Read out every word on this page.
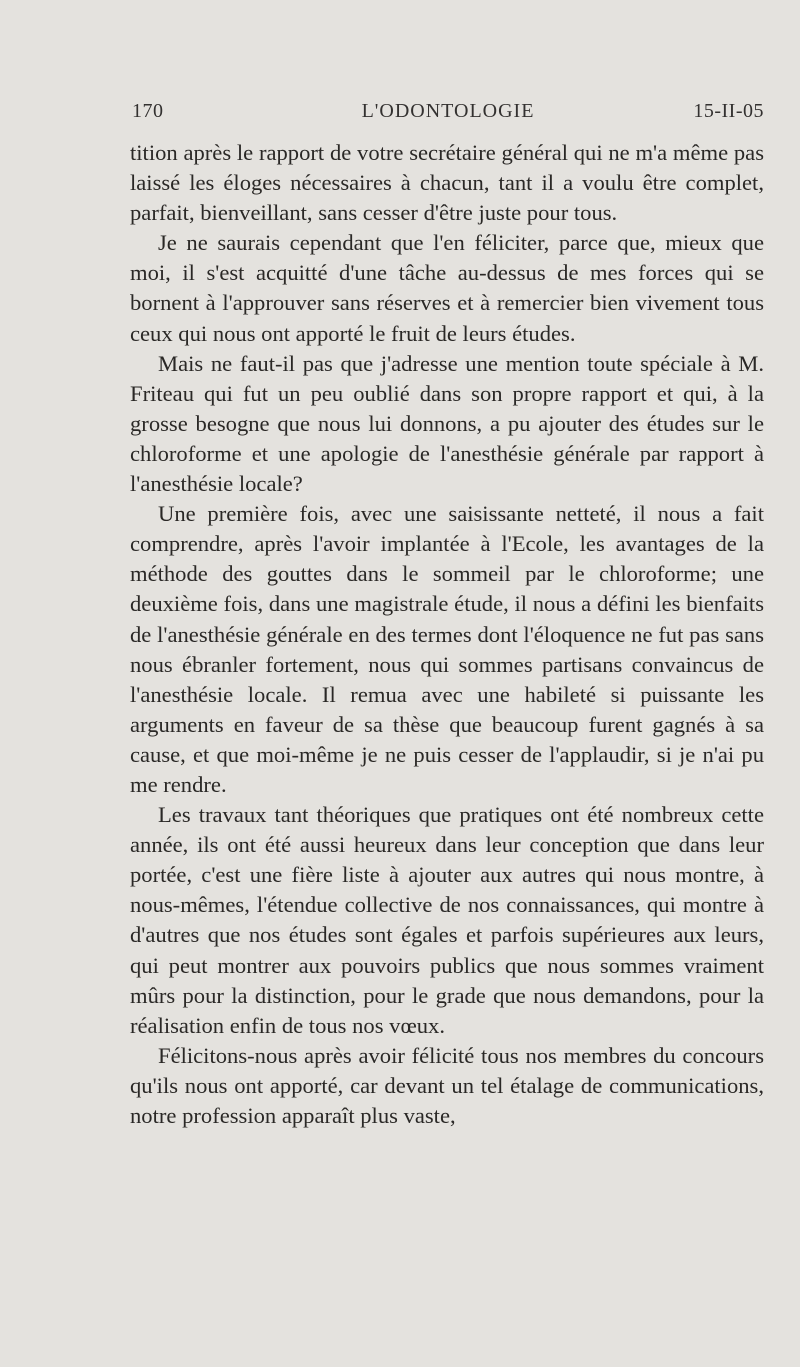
170	L'ODONTOLOGIE	15-II-05

tition après le rapport de votre secrétaire général qui ne m'a même pas laissé les éloges nécessaires à chacun, tant il a voulu être complet, parfait, bienveillant, sans cesser d'être juste pour tous.

Je ne saurais cependant que l'en féliciter, parce que, mieux que moi, il s'est acquitté d'une tâche au-dessus de mes forces qui se bornent à l'approuver sans réserves et à remercier bien vivement tous ceux qui nous ont apporté le fruit de leurs études.

Mais ne faut-il pas que j'adresse une mention toute spéciale à M. Friteau qui fut un peu oublié dans son propre rapport et qui, à la grosse besogne que nous lui donnons, a pu ajouter des études sur le chloroforme et une apologie de l'anesthésie générale par rapport à l'anesthésie locale?

Une première fois, avec une saisissante netteté, il nous a fait comprendre, après l'avoir implantée à l'Ecole, les avantages de la méthode des gouttes dans le sommeil par le chloroforme; une deuxième fois, dans une magistrale étude, il nous a défini les bienfaits de l'anesthésie générale en des termes dont l'éloquence ne fut pas sans nous ébranler fortement, nous qui sommes partisans convaincus de l'anesthésie locale. Il remua avec une habileté si puissante les arguments en faveur de sa thèse que beaucoup furent gagnés à sa cause, et que moi-même je ne puis cesser de l'applaudir, si je n'ai pu me rendre.

Les travaux tant théoriques que pratiques ont été nombreux cette année, ils ont été aussi heureux dans leur conception que dans leur portée, c'est une fière liste à ajouter aux autres qui nous montre, à nous-mêmes, l'étendue collective de nos connaissances, qui montre à d'autres que nos études sont égales et parfois supérieures aux leurs, qui peut montrer aux pouvoirs publics que nous sommes vraiment mûrs pour la distinction, pour le grade que nous demandons, pour la réalisation enfin de tous nos vœux.

Félicitons-nous après avoir félicité tous nos membres du concours qu'ils nous ont apporté, car devant un tel étalage de communications, notre profession apparaît plus vaste,
